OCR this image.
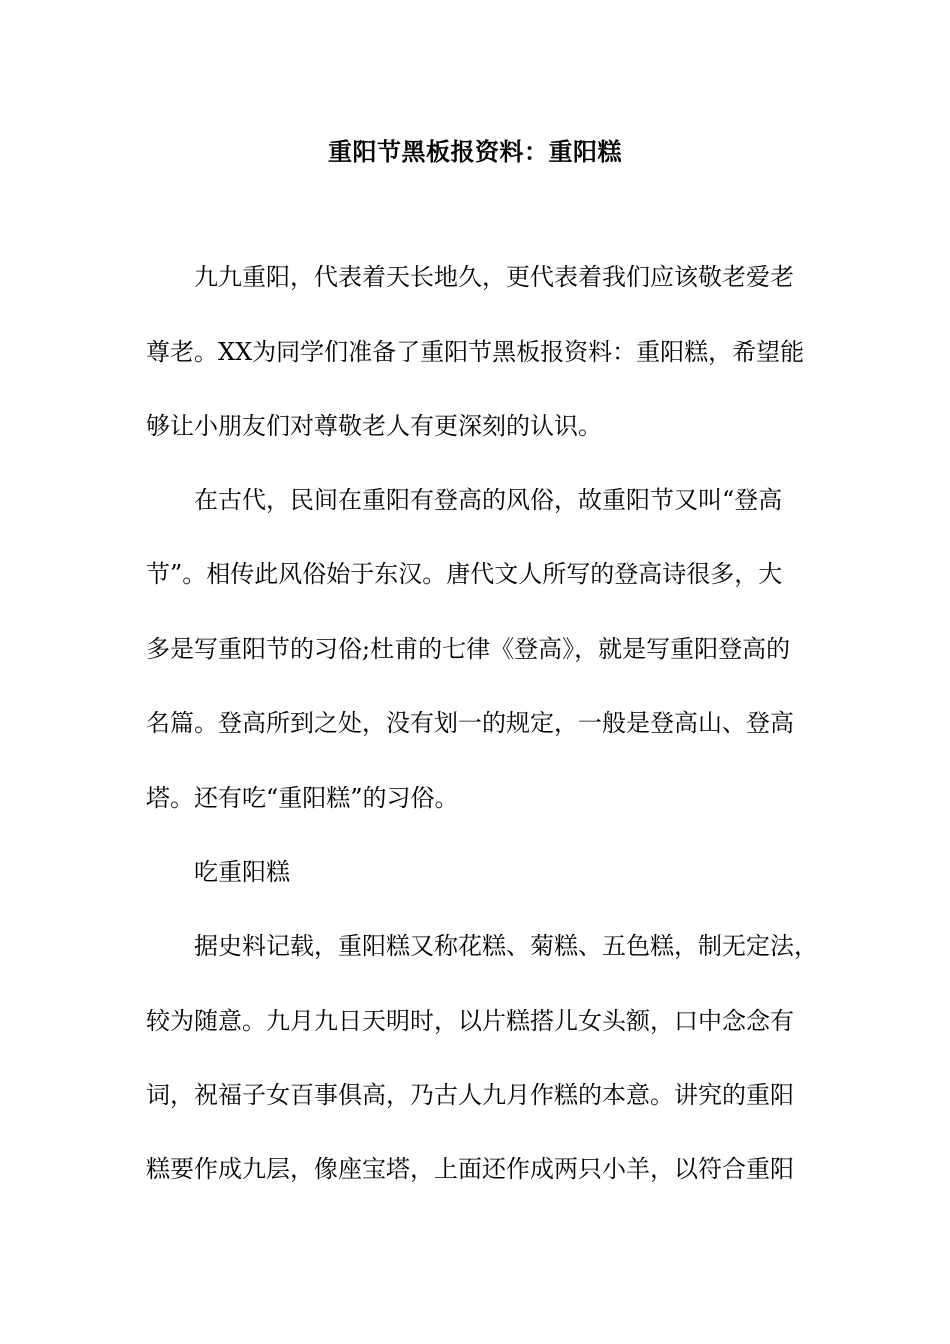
重阳节黑板报资料：重阳糕
九九重阳，代表着天长地久，更代表着我们应该敬老爱老
尊老。XX为同学们准备了重阳节黑板报资料：重阳糕，希望能
够让小朋友们对尊敬老人有更深刻的认识。
在古代，民间在重阳有登高的风俗，故重阳节又叫“登高
节”。相传此风俗始于东汉。唐代文人所写的登高诗很多，大
多是写重阳节的习俗;杜甫的七律《登高》，就是写重阳登高的
名篇。登高所到之处，没有划一的规定，一般是登高山、登高
塔。还有吃“重阳糕”的习俗。
吃重阳糕
据史料记载，重阳糕又称花糕、菊糕、五色糕，制无定法，
较为随意。九月九日天明时，以片糕搭儿女头额，口中念念有
词，祝福子女百事俱高，乃古人九月作糕的本意。讲究的重阳
糕要作成九层，像座宝塔，上面还作成两只小羊，以符合重阳
